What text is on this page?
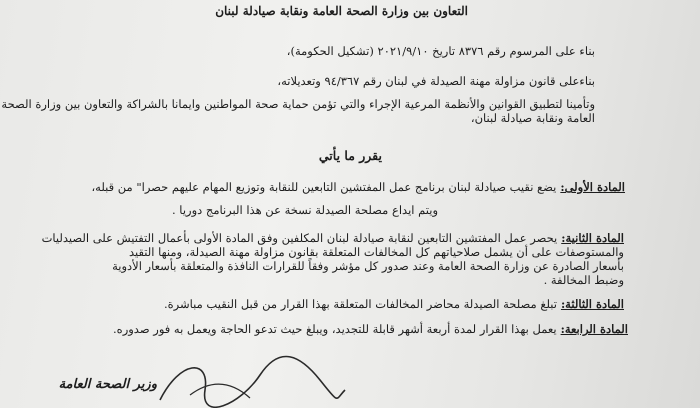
التعاون بين وزارة الصحة العامة ونقابة صيادلة لبنان
بناء على المرسوم رقم ٨٣٧٦ تاريخ ٢٠٢١/٩/١٠ (تشكيل الحكومة)،
بناءعلى قانون مزاولة مهنة الصيدلة في لبنان رقم ٩٤/٣٦٧ وتعديلاته،
وتأمينا لتطبيق القوانين والأنظمة المرعية الإجراء والتي تؤمن حماية صحة المواطنين وايمانا بالشراكة والتعاون بين وزارة الصحة
العامة ونقابة صيادلة لبنان،
يقرر ما يأتي
المادة الأولى:يضع نقيب صيادلة لبنان برنامج عمل المفتشين التابعين للنقابة وتوزيع المهام عليهم حصرا" من قبله،
ويتم ايداع مصلحة الصيدلة نسخة عن هذا البرنامج دوريا .
المادة الثانية:يحصر عمل المفتشين التابعين لنقابة صيادلة لبنان المكلفين وفق المادة الأولى بأعمال التفتيش على الصيدليات
والمستوصفات على أن يشمل صلاحياتهم كل المخالفات المتعلقة بقانون مزاولة مهنة الصيدلة، ومنها التقيد
بأسعار الصادرة عن وزارة الصحة العامة وعند صدور كل مؤشر وفقاً للقرارات النافذة والمتعلقة بأسعار الأدوية
وضبط المخالفة .
المادة الثالثة:تبلغ مصلحة الصيدلة محاضر المخالفات المتعلقة بهذا القرار من قبل النقيب مباشرة.
المادة الرابعة:يعمل بهذا القرار لمدة أربعة أشهر قابلة للتجديد، ويبلغ حيث تدعو الحاجة ويعمل به فور صدوره.
وزير الصحة العامة
